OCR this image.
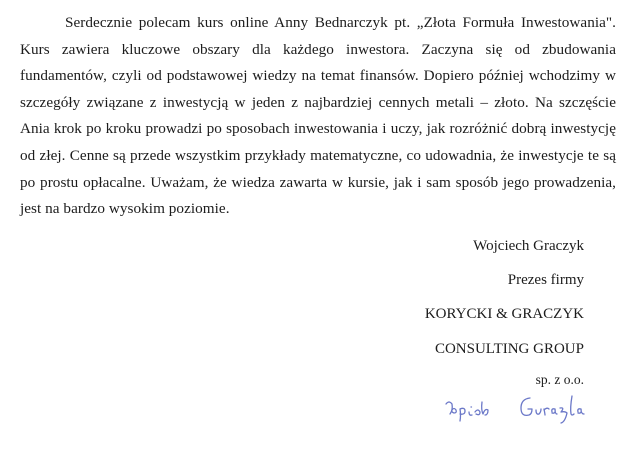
Serdecznie polecam kurs online Anny Bednarczyk pt. „Złota Formuła Inwestowania". Kurs zawiera kluczowe obszary dla każdego inwestora. Zaczyna się od zbudowania fundamentów, czyli od podstawowej wiedzy na temat finansów. Dopiero później wchodzimy w szczegóły związane z inwestycją w jeden z najbardziej cennych metali – złoto. Na szczęście Ania krok po kroku prowadzi po sposobach inwestowania i uczy, jak rozróżnić dobrą inwestycję od złej. Cenne są przede wszystkim przykłady matematyczne, co udowadnia, że inwestycje te są po prostu opłacalne. Uważam, że wiedza zawarta w kursie, jak i sam sposób jego prowadzenia, jest na bardzo wysokim poziomie.

Wojciech Graczyk
Prezes firmy
KORYCKI & GRACZYK
CONSULTING GROUP
sp. z o.o.
